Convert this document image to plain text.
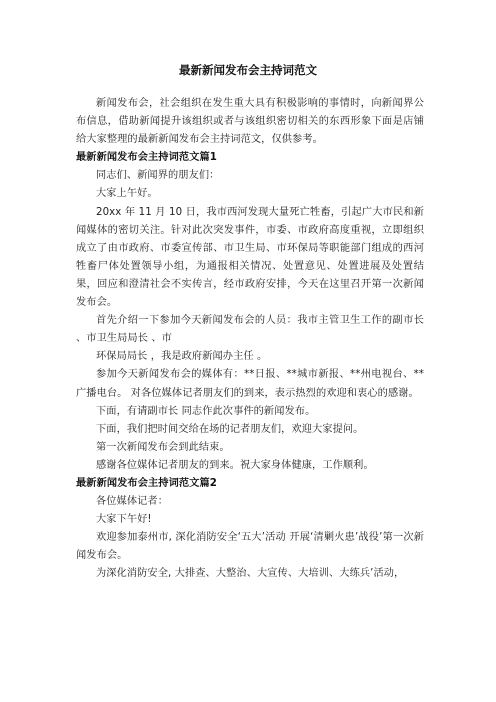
最新新闻发布会主持词范文

新闻发布会，社会组织在发生重大具有积极影响的事情时，向新闻界公布信息，借助新闻提升该组织或者与该组织密切相关的东西形象下面是店铺给大家整理的最新新闻发布会主持词范文，仅供参考。

最新新闻发布会主持词范文篇1

同志们、新闻界的朋友们：

大家上午好。

20xx 年 11 月 10 日，我市西河发现大量死亡牲畜，引起广大市民和新闻媒体的密切关注。针对此次突发事件，市委、市政府高度重视，立即组织成立了由市政府、市委宣传部、市卫生局、市环保局等职能部门组成的西河牲畜尸体处置领导小组，为通报相关情况、处置意见、处置进展及处置结果，回应和澄清社会不实传言，经市政府安排，今天在这里召开第一次新闻发布会。

首先介绍一下参加今天新闻发布会的人员：我市主管卫生工作的副市长 、市卫生局局长 、市

环保局局长 ，我是政府新闻办主任 。

参加今天新闻发布会的媒体有：**日报、**城市新报、**州电视台、**广播电台。 对各位媒体记者朋友们的到来，表示热烈的欢迎和衷心的感谢。

下面，有请副市长 同志作此次事件的新闻发布。

下面，我们把时间交给在场的记者朋友们，欢迎大家提问。

第一次新闻发布会到此结束。

感谢各位媒体记者朋友的到来。祝大家身体健康，工作顺利。

最新新闻发布会主持词范文篇2

各位媒体记者：

大家下午好!

欢迎参加泰州市, 深化消防安全‘五大’活动 开展‘清剿火患’战役’第一次新闻发布会。

为深化消防安全, 大排查、大整治、大宣传、大培训、大练兵’活动，
